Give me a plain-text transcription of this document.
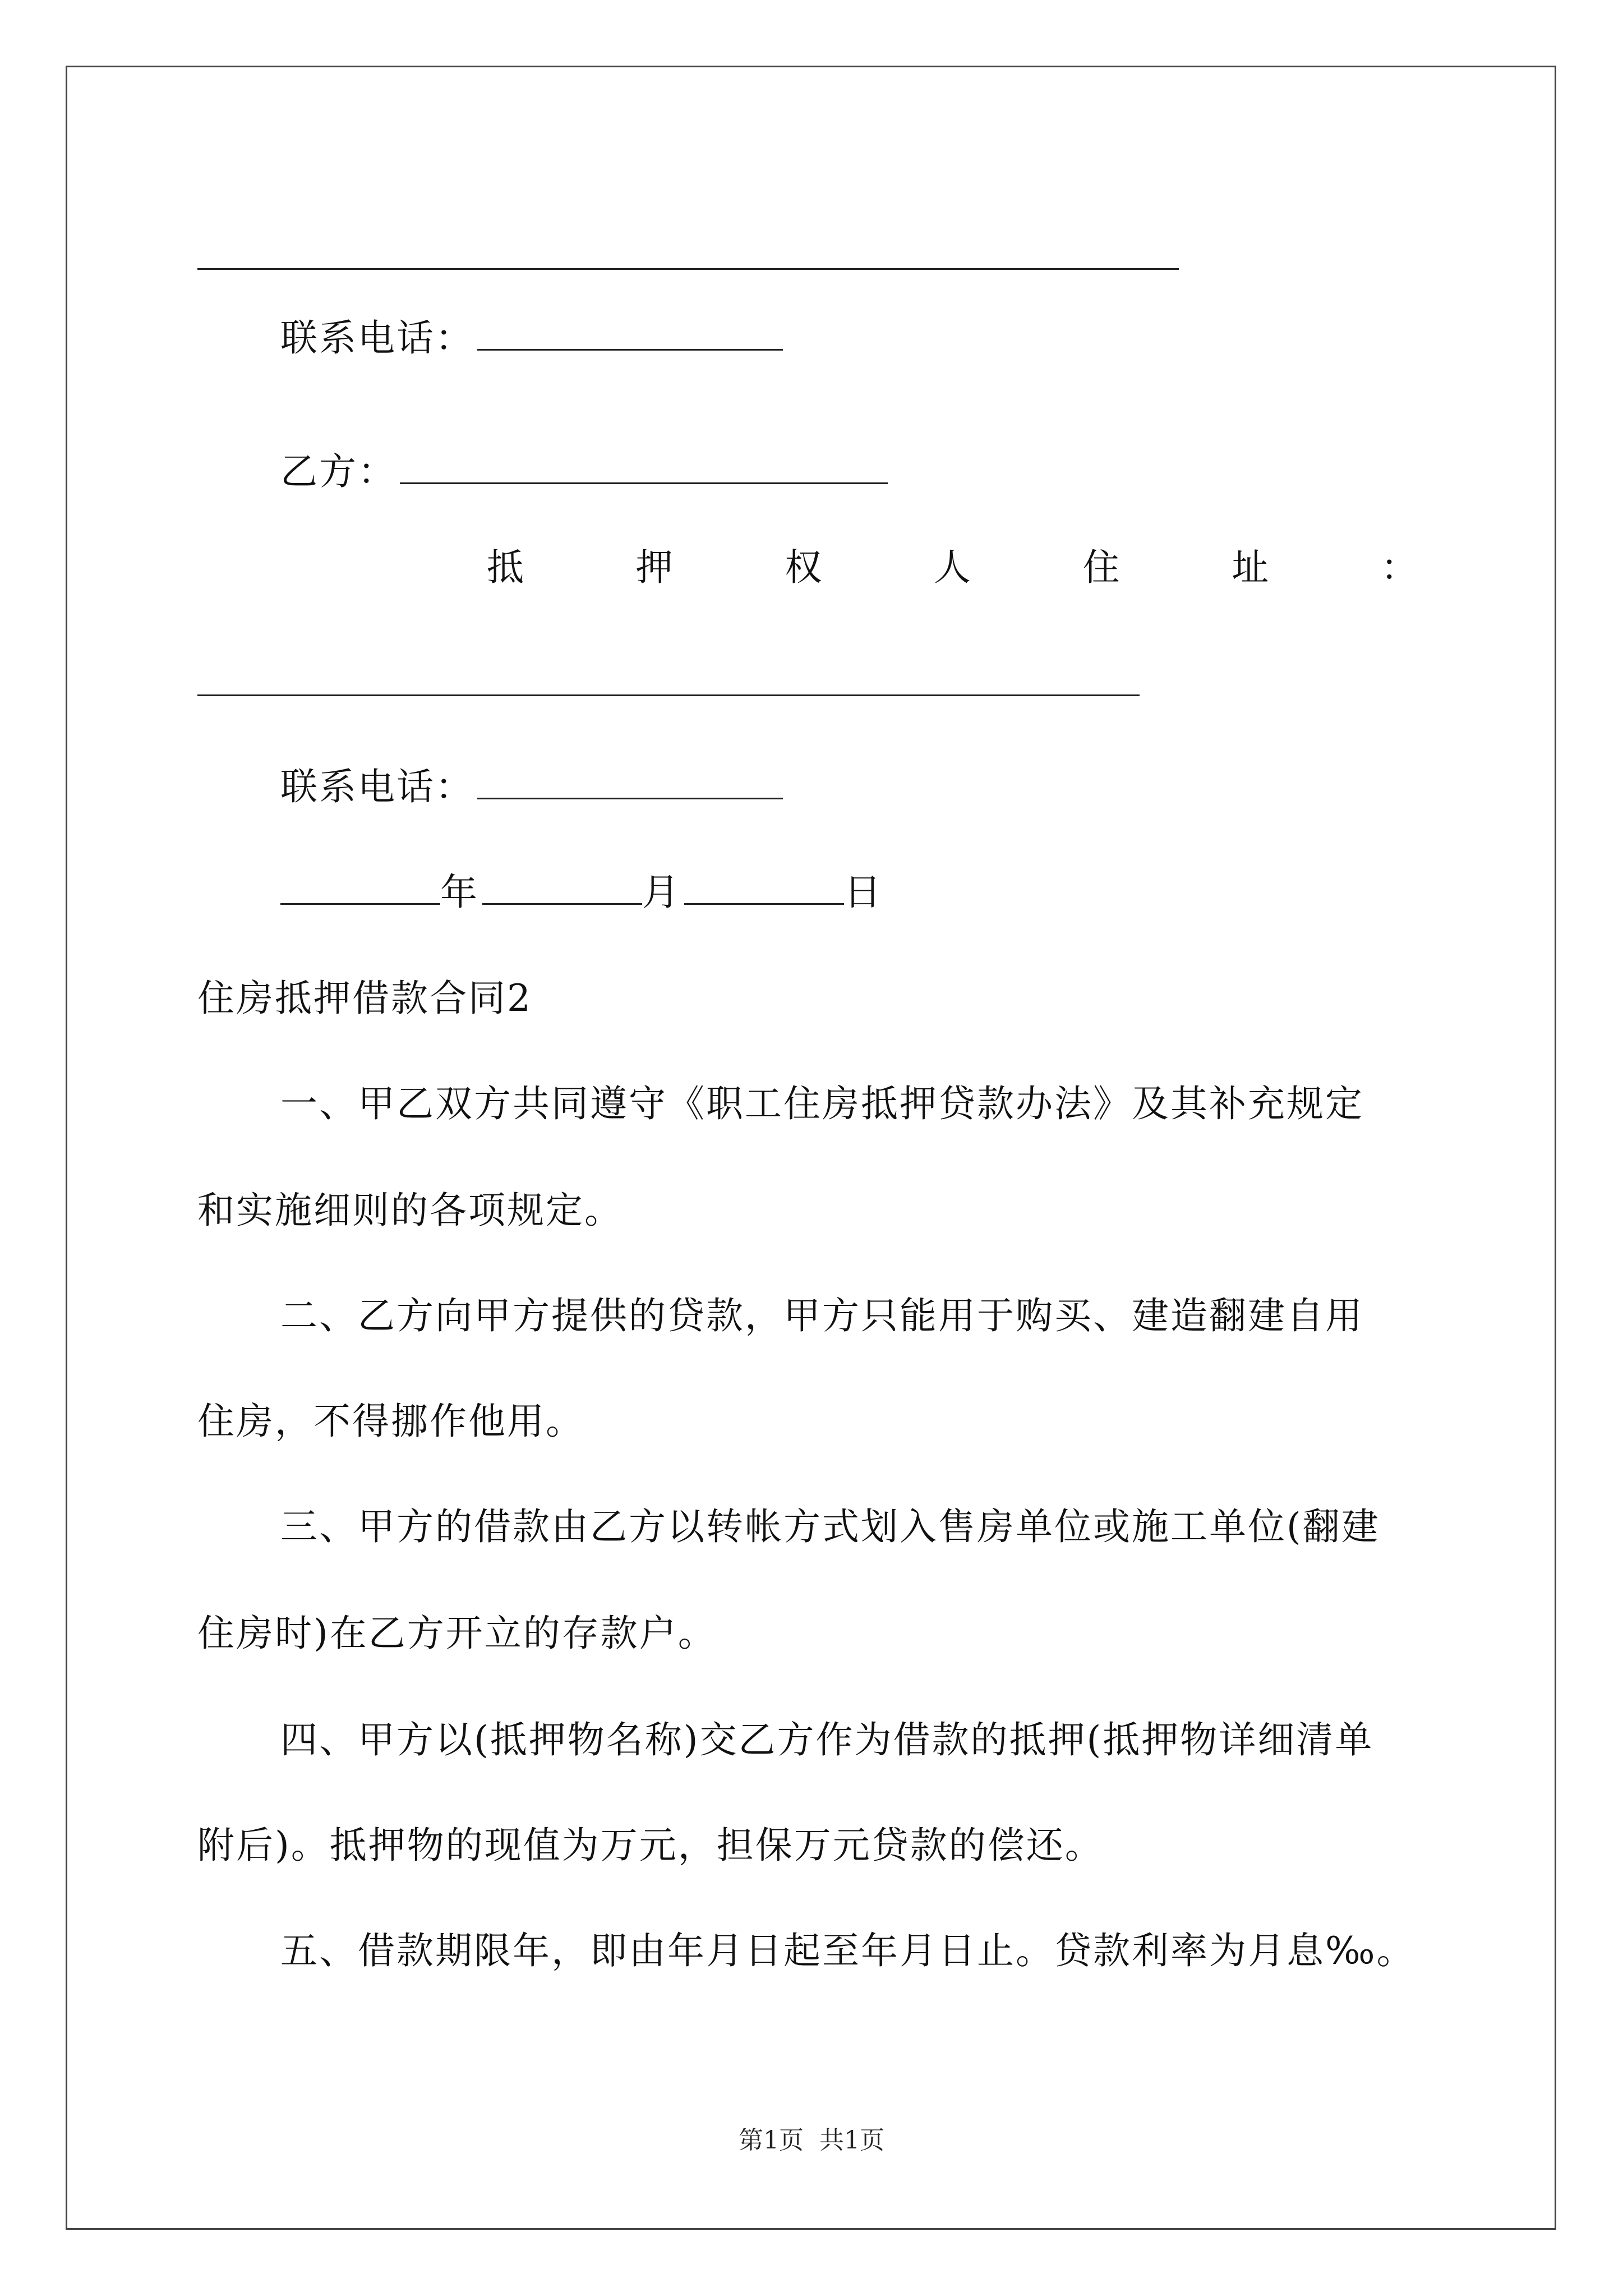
联系电话：
乙方：
抵	押	权	人	住	址	：
联系电话：
年	月	日
住房抵押借款合同2
一、甲乙双方共同遵守《职工住房抵押贷款办法》及其补充规定
和实施细则的各项规定。
二、乙方向甲方提供的贷款，甲方只能用于购买、建造翻建自用
住房，不得挪作他用。
三、甲方的借款由乙方以转帐方式划入售房单位或施工单位(翻建
住房时)在乙方开立的存款户。
四、甲方以(抵押物名称)交乙方作为借款的抵押(抵押物详细清单
附后)。抵押物的现值为万元，担保万元贷款的偿还。
五、借款期限年，即由年月日起至年月日止。贷款利率为月息‰。
第1页 共1页
